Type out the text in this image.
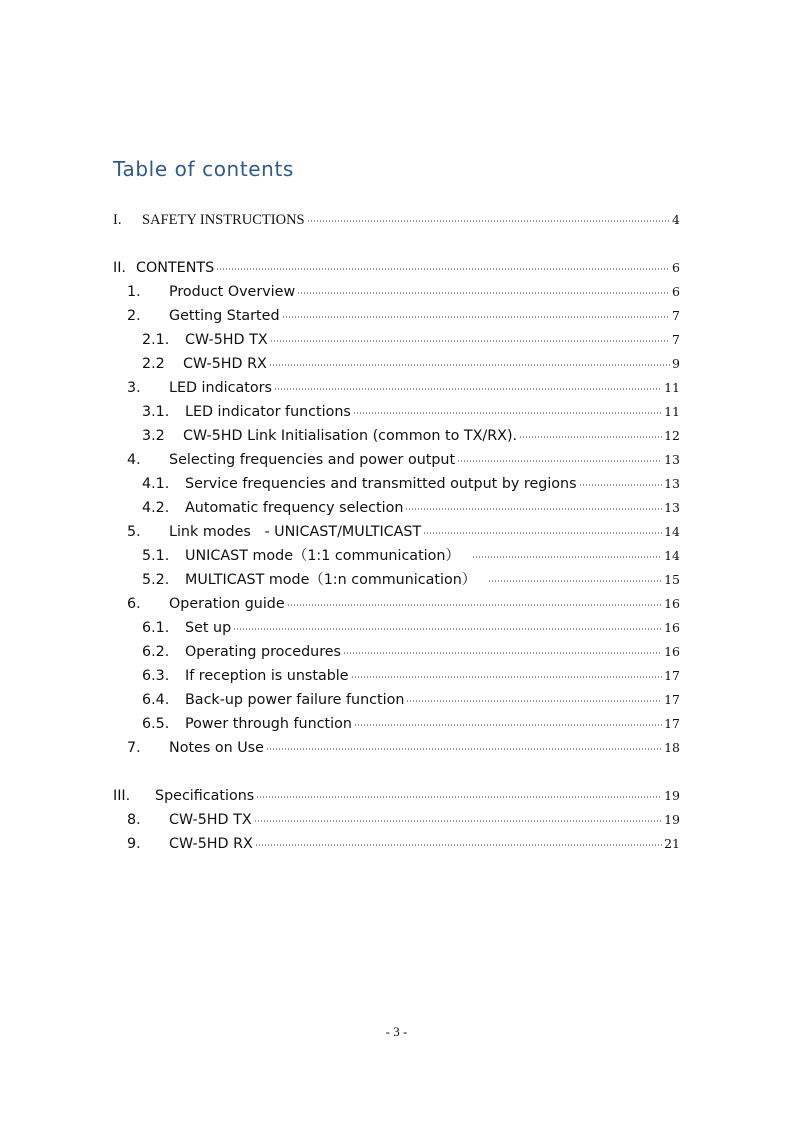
Table of contents
I.	SAFETY INSTRUCTIONS	4
II. CONTENTS	6
1.	Product Overview	6
2.	Getting Started	7
2.1.	CW-5HD TX	7
2.2	CW-5HD RX	9
3.	LED indicators	11
3.1.	LED indicator functions	11
3.2	CW-5HD Link Initialisation (common to TX/RX).	12
4.	Selecting frequencies and power output	13
4.1.	Service frequencies and transmitted output by regions	13
4.2.	Automatic frequency selection	13
5.	Link modes   - UNICAST/MULTICAST	14
5.1.	UNICAST mode（1:1 communication）	14
5.2.	MULTICAST mode（1:n communication）	15
6.	Operation guide	16
6.1.	Set up	16
6.2.	Operating procedures	16
6.3.	If reception is unstable	17
6.4.	Back-up power failure function	17
6.5.	Power through function	17
7.	Notes on Use	18
III.	Specifications	19
8.	CW-5HD TX	19
9.	CW-5HD RX	21
- 3 -
